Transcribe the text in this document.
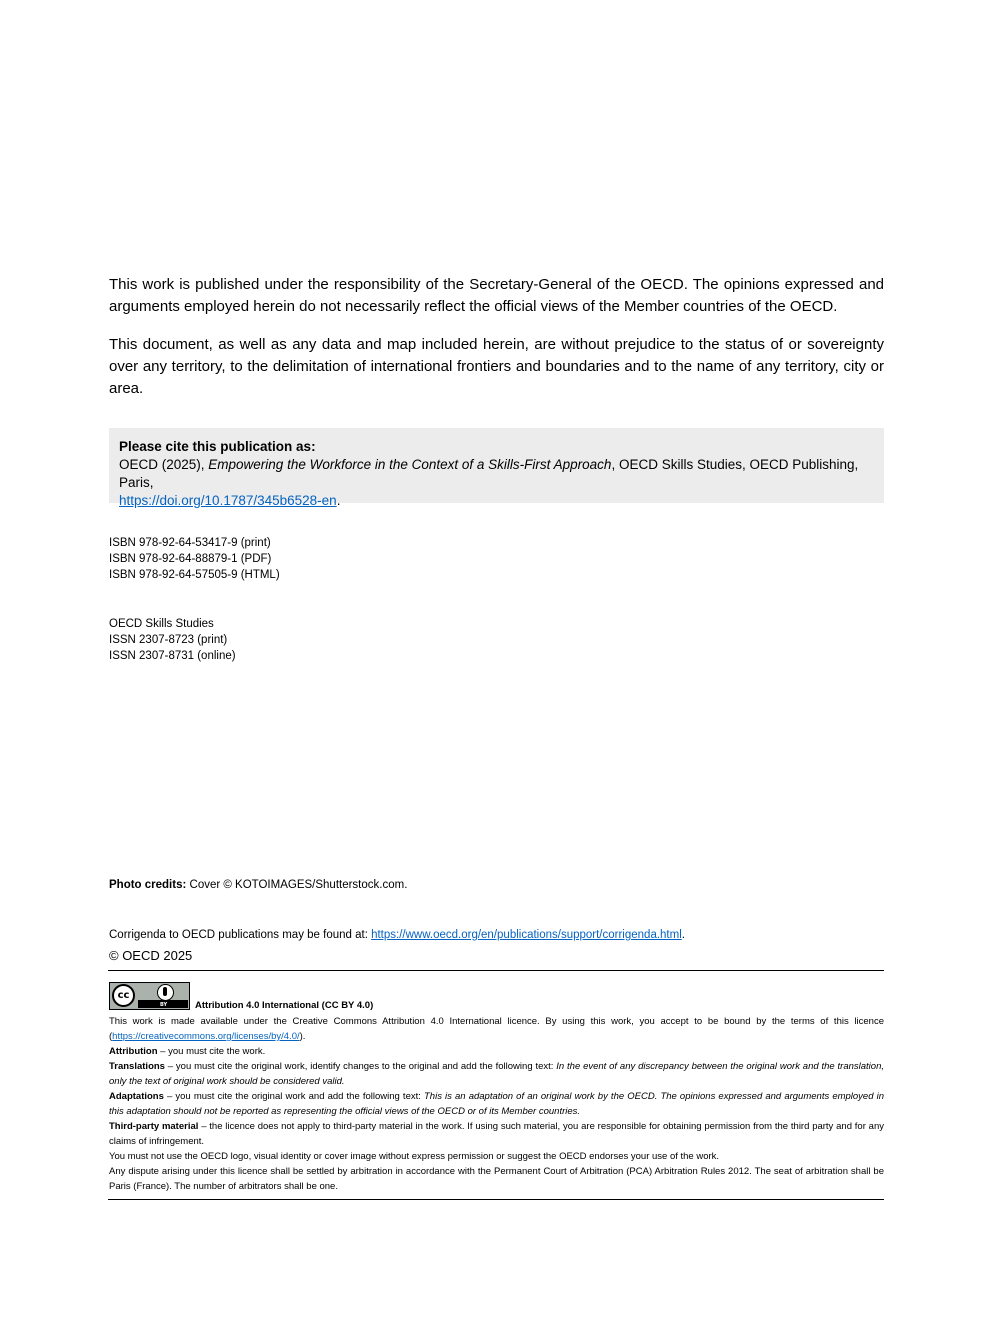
This work is published under the responsibility of the Secretary-General of the OECD. The opinions expressed and arguments employed herein do not necessarily reflect the official views of the Member countries of the OECD.

This document, as well as any data and map included herein, are without prejudice to the status of or sovereignty over any territory, to the delimitation of international frontiers and boundaries and to the name of any territory, city or area.

Please cite this publication as:
OECD (2025), Empowering the Workforce in the Context of a Skills-First Approach, OECD Skills Studies, OECD Publishing, Paris,
https://doi.org/10.1787/345b6528-en.
ISBN 978-92-64-53417-9 (print)
ISBN 978-92-64-88879-1 (PDF)
ISBN 978-92-64-57505-9 (HTML)
OECD Skills Studies
ISSN 2307-8723 (print)
ISSN 2307-8731 (online)
Photo credits: Cover © KOTOIMAGES/Shutterstock.com.
Corrigenda to OECD publications may be found at: https://www.oecd.org/en/publications/support/corrigenda.html.
© OECD 2025
cc
BY	Attribution 4.0 International (CC BY 4.0)

This work is made available under the Creative Commons Attribution 4.0 International licence. By using this work, you accept to be bound by the terms of this licence (https://creativecommons.org/licenses/by/4.0/).

Attribution – you must cite the work.

Translations – you must cite the original work, identify changes to the original and add the following text: In the event of any discrepancy between the original work and the translation, only the text of original work should be considered valid.

Adaptations – you must cite the original work and add the following text: This is an adaptation of an original work by the OECD. The opinions expressed and arguments employed in this adaptation should not be reported as representing the official views of the OECD or of its Member countries.

Third-party material – the licence does not apply to third-party material in the work. If using such material, you are responsible for obtaining permission from the third party and for any claims of infringement.

You must not use the OECD logo, visual identity or cover image without express permission or suggest the OECD endorses your use of the work.

Any dispute arising under this licence shall be settled by arbitration in accordance with the Permanent Court of Arbitration (PCA) Arbitration Rules 2012. The seat of arbitration shall be Paris (France). The number of arbitrators shall be one.
